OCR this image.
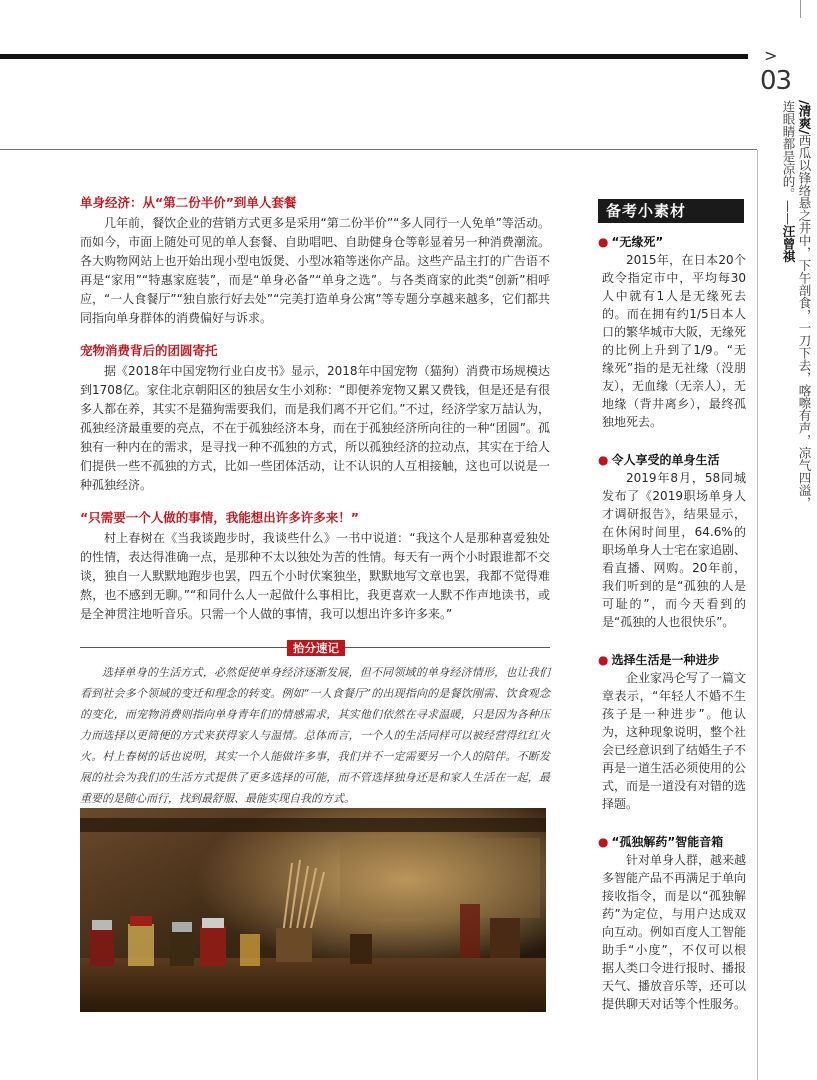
>
03
/清爽/西瓜以锋络悬之井中，下午剖食，一刀下去，喀嚓有声，凉气四溢，连眼睛都是凉的。——汪曾祺
单身经济：从“第二份半价”到单人套餐

几年前，餐饮企业的营销方式更多是采用“第二份半价”“多人同行一人免单”等活动。而如今，市面上随处可见的单人套餐、自助唱吧、自助健身仓等彰显着另一种消费潮流。各大购物网站上也开始出现小型电饭煲、小型冰箱等迷你产品。这些产品主打的广告语不再是“家用”“特惠家庭装”，而是“单身必备”“单身之选”。与各类商家的此类“创新”相呼应，“一人食餐厅”“独自旅行好去处”“完美打造单身公寓”等专题分享越来越多，它们都共同指向单身群体的消费偏好与诉求。

宠物消费背后的团圆寄托

据《2018年中国宠物行业白皮书》显示，2018年中国宠物（猫狗）消费市场规模达到1708亿。家住北京朝阳区的独居女生小刘称：“即便养宠物又累又费钱，但是还是有很多人都在养，其实不是猫狗需要我们，而是我们离不开它们。”不过，经济学家万喆认为，孤独经济最重要的亮点，不在于孤独经济本身，而在于孤独经济所向往的一种“团圆”。孤独有一种内在的需求，是寻找一种不孤独的方式，所以孤独经济的拉动点，其实在于给人们提供一些不孤独的方式，比如一些团体活动，让不认识的人互相接触，这也可以说是一种孤独经济。

“只需要一个人做的事情，我能想出许多许多来！”

村上春树在《当我谈跑步时，我谈些什么》一书中说道：“我这个人是那种喜爱独处的性情，表达得准确一点，是那种不太以独处为苦的性情。每天有一两个小时跟谁都不交谈，独自一人默默地跑步也罢，四五个小时伏案独坐，默默地写文章也罢，我都不觉得难熬，也不感到无聊。”“和同什么人一起做什么事相比，我更喜欢一人默不作声地读书，或是全神贯注地听音乐。只需一个人做的事情，我可以想出许多许多来。”

拾分速记

选择单身的生活方式，必然促使单身经济逐渐发展，但不同领域的单身经济情形，也让我们看到社会多个领域的变迁和理念的转变。例如“一人食餐厅”的出现指向的是餐饮刚需、饮食观念的变化，而宠物消费则指向单身青年们的情感需求，其实他们依然在寻求温暖，只是因为各种压力而选择以更简便的方式来获得家人与温情。总体而言，一个人的生活同样可以被经营得红红火火。村上春树的话也说明，其实一个人能做许多事，我们并不一定需要另一个人的陪伴。不断发展的社会为我们的生活方式提供了更多选择的可能，而不管选择独身还是和家人生活在一起，最重要的是随心而行，找到最舒服、最能实现自我的方式。

备考小素材
● “无缘死”

2015年，在日本20个政令指定市中，平均每30人中就有1人是无缘死去的。而在拥有约1/5日本人口的繁华城市大阪，无缘死的比例上升到了1/9。“无缘死”指的是无社缘（没朋友），无血缘（无亲人），无地缘（背井离乡），最终孤独地死去。

● 令人享受的单身生活

2019年8月，58同城发布了《2019职场单身人才调研报告》，结果显示，在休闲时间里，64.6%的职场单身人士宅在家追剧、看直播、网购。20年前，我们听到的是“孤独的人是可耻的”，而今天看到的是“孤独的人也很快乐”。

● 选择生活是一种进步

企业家冯仑写了一篇文章表示，“年轻人不婚不生孩子是一种进步”。他认为，这种现象说明，整个社会已经意识到了结婚生子不再是一道生活必须使用的公式，而是一道没有对错的选择题。

● “孤独解药”智能音箱

针对单身人群，越来越多智能产品不再满足于单向接收指令，而是以“孤独解药”为定位，与用户达成双向互动。例如百度人工智能助手“小度”，不仅可以根据人类口令进行报时、播报天气、播放音乐等，还可以提供聊天对话等个性服务。
